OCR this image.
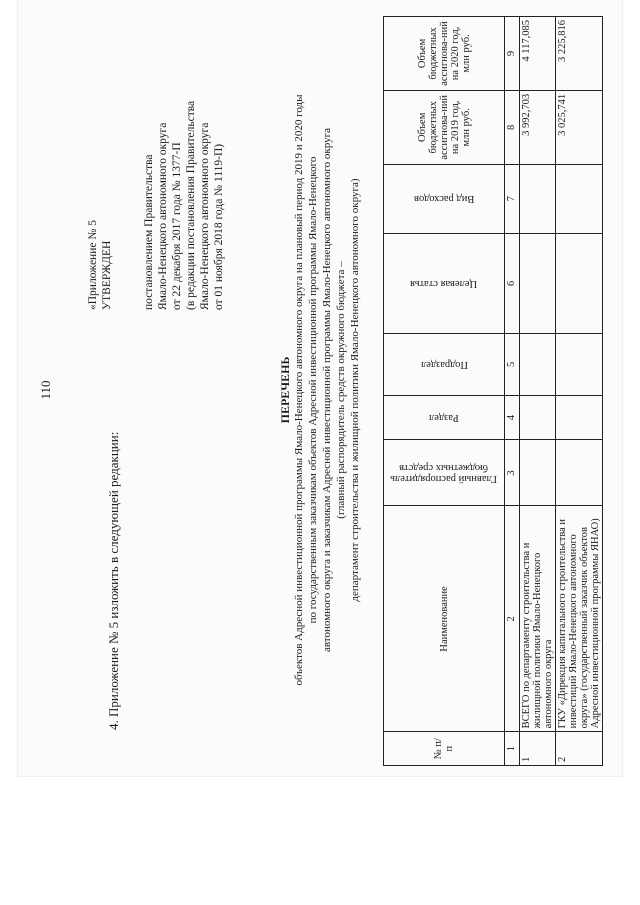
110
4. Приложение № 5 изложить в следующей редакции:
«Приложение № 5 УТВЕРЖДЕН	постановлением Правительства Ямало-Ненецкого автономного округа от 22 декабря 2017 года № 1377-П (в редакции постановления Правительства Ямало-Ненецкого автономного округа от 01 ноября 2018 года № 1119-П)
ПЕРЕЧЕНЬ объектов Адресной инвестиционной программы Ямало-Ненецкого автономного округа на плановый период 2019 и 2020 годы по государственным заказчикам объектов Адресной инвестиционной программы Ямало-Ненецкого автономного округа и заказчикам Адресной инвестиционной программы Ямало-Ненецкого автономного округа (главный распорядитель средств окружного бюджета – департамент строительства и жилищной политики Ямало-Ненецкого автономного округа)
№ п/п	Наименование	Главный распорядитель бюджетных средств	Раздел	Подраздел	Целевая статья	Вид расходов	Объем бюджетных ассигнова-ний на 2019 год, млн руб.	Объем бюджетных ассигнова-ний на 2020 год, млн руб.
1	2	3	4	5	6	7	8	9
1	ВСЕГО по департаменту строительства и жилищной политики Ямало-Ненецкого автономного округа						3 992,703	4 117,085
2	ГКУ «Дирекция капитального строительства и инвестиций Ямало-Ненецкого автономного округа» (государственный заказчик объектов Адресной инвестиционной программы ЯНАО)						3 025,741	3 225,816
